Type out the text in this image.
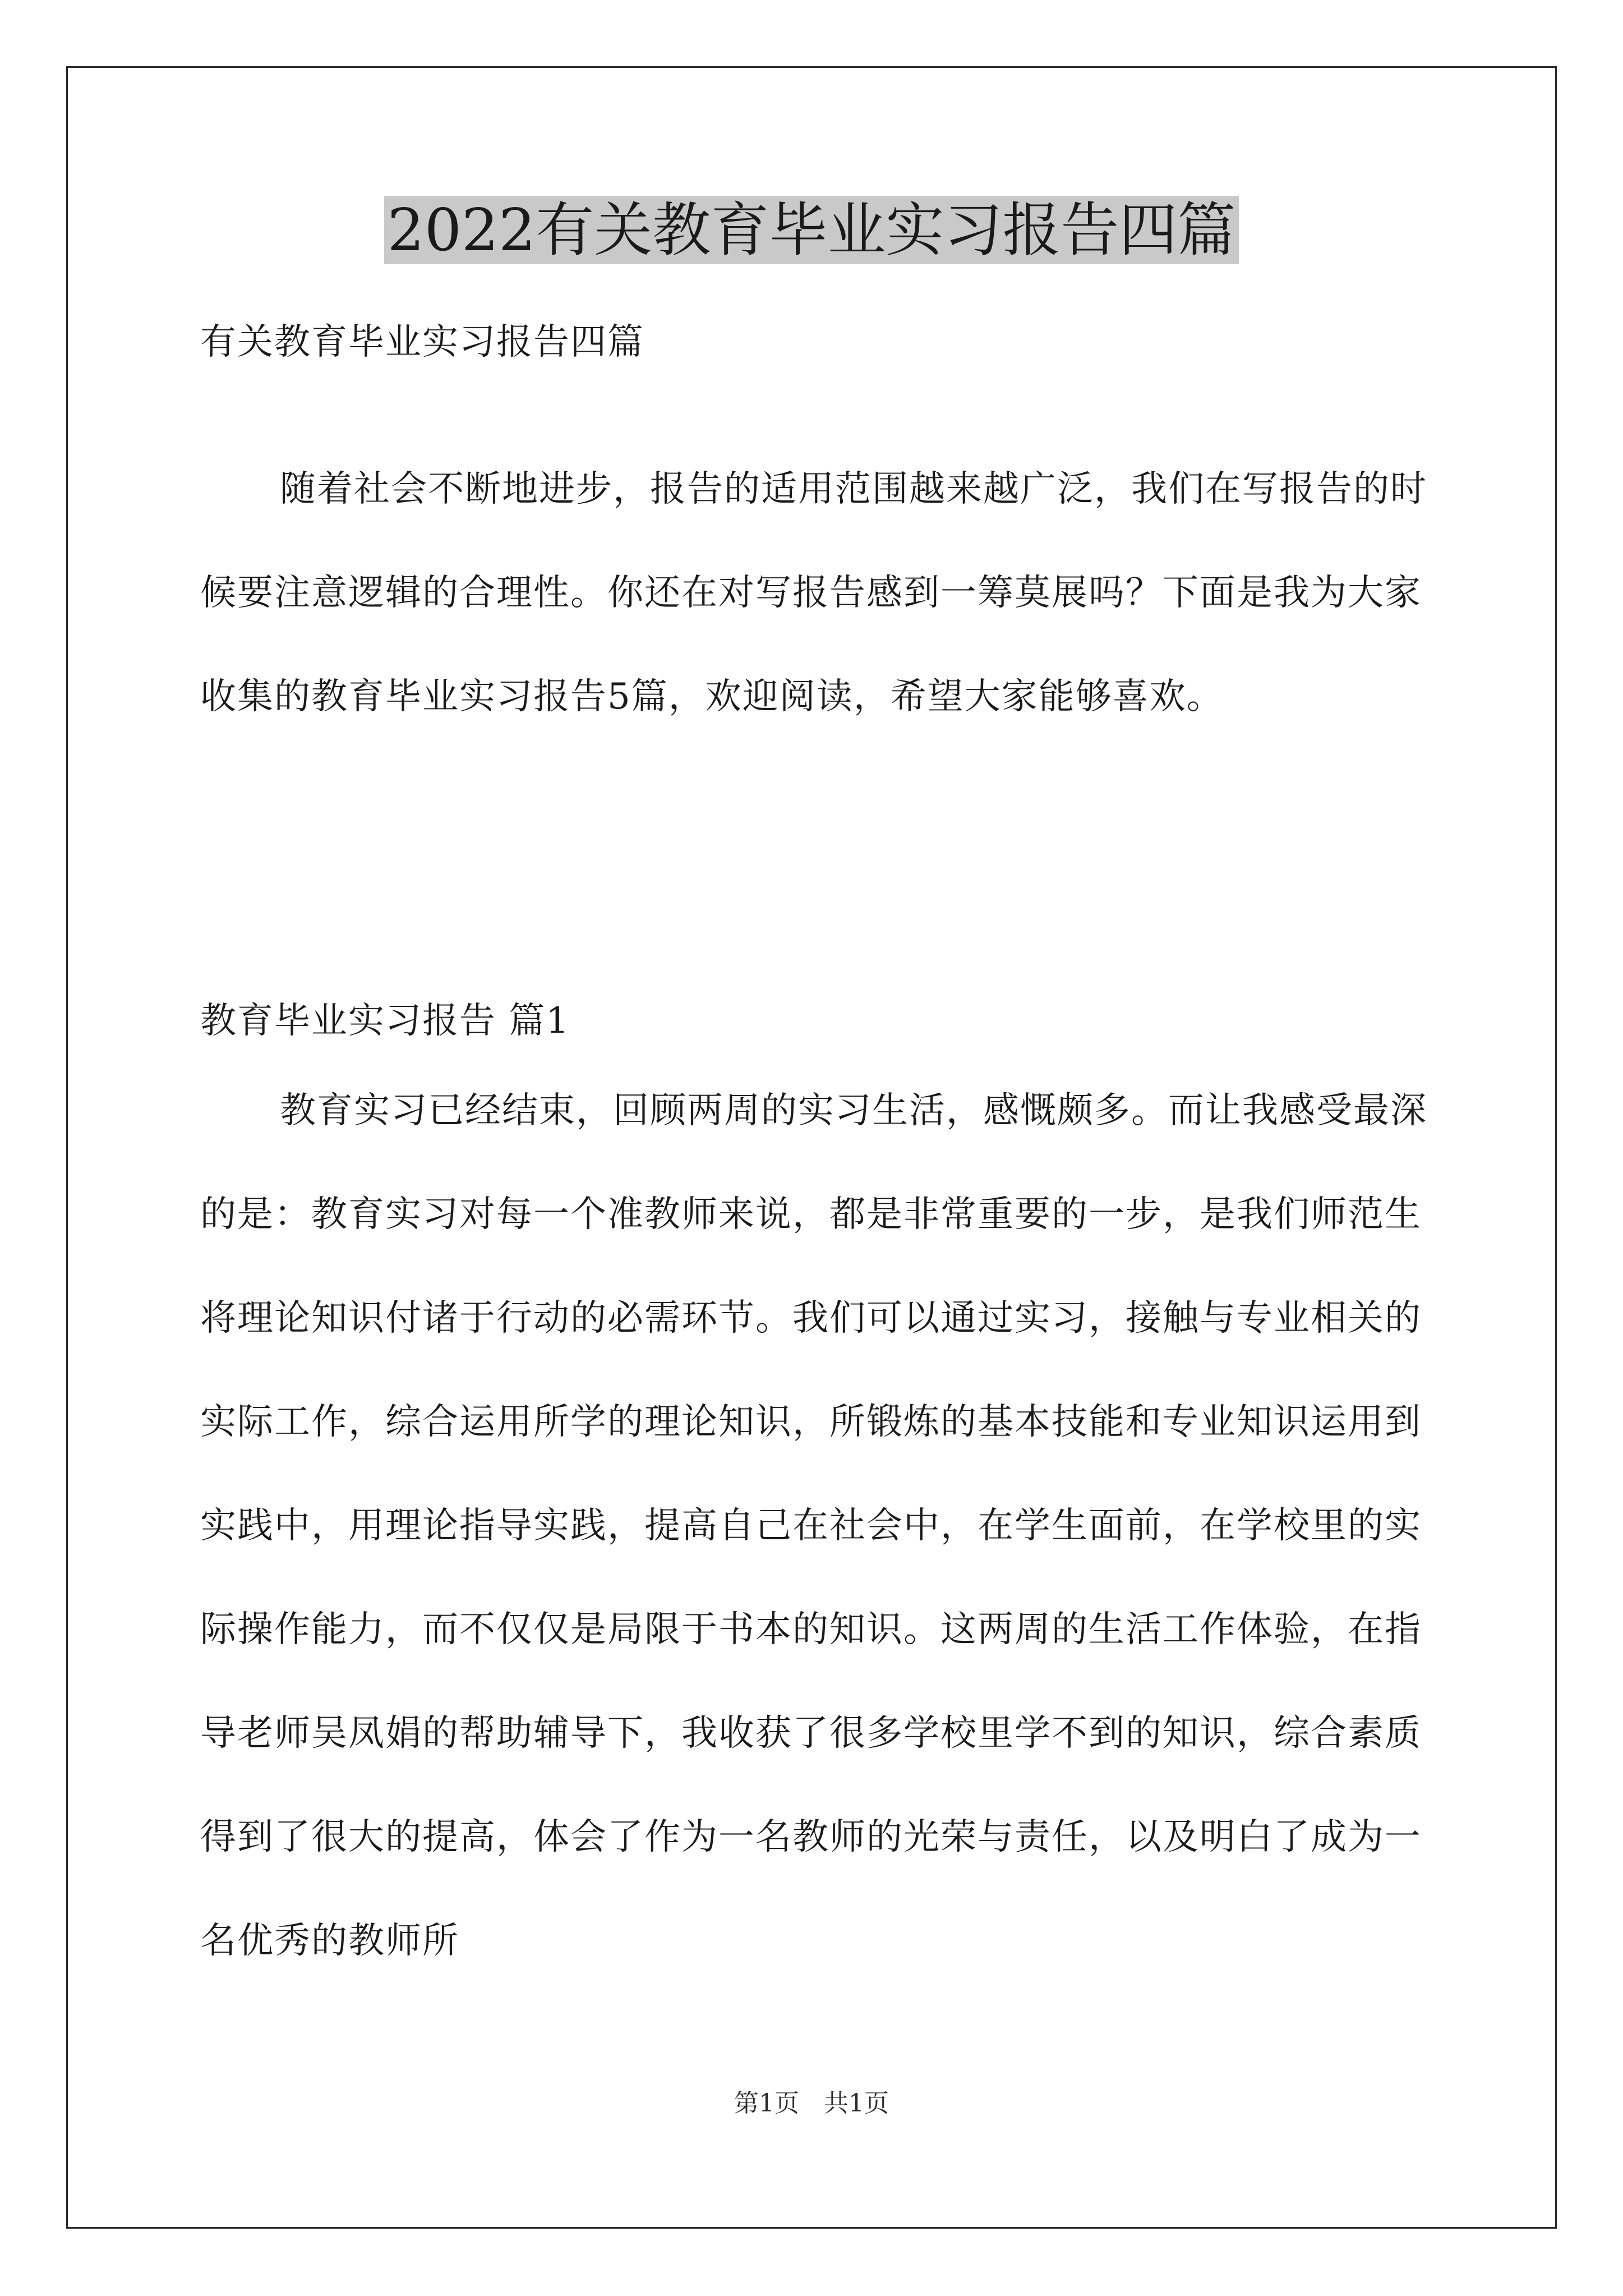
2022有关教育毕业实习报告四篇
有关教育毕业实习报告四篇

随着社会不断地进步，报告的适用范围越来越广泛，我们在写报告的时候要注意逻辑的合理性。你还在对写报告感到一筹莫展吗？下面是我为大家收集的教育毕业实习报告5篇，欢迎阅读，希望大家能够喜欢。

教育毕业实习报告 篇1

教育实习已经结束，回顾两周的实习生活，感慨颇多。而让我感受最深的是：教育实习对每一个准教师来说，都是非常重要的一步，是我们师范生将理论知识付诸于行动的必需环节。我们可以通过实习，接触与专业相关的实际工作，综合运用所学的理论知识，所锻炼的基本技能和专业知识运用到实践中，用理论指导实践，提高自己在社会中，在学生面前，在学校里的实际操作能力，而不仅仅是局限于书本的知识。这两周的生活工作体验，在指导老师吴凤娟的帮助辅导下，我收获了很多学校里学不到的知识，综合素质得到了很大的提高，体会了作为一名教师的光荣与责任，以及明白了成为一名优秀的教师所

第1页　共1页
